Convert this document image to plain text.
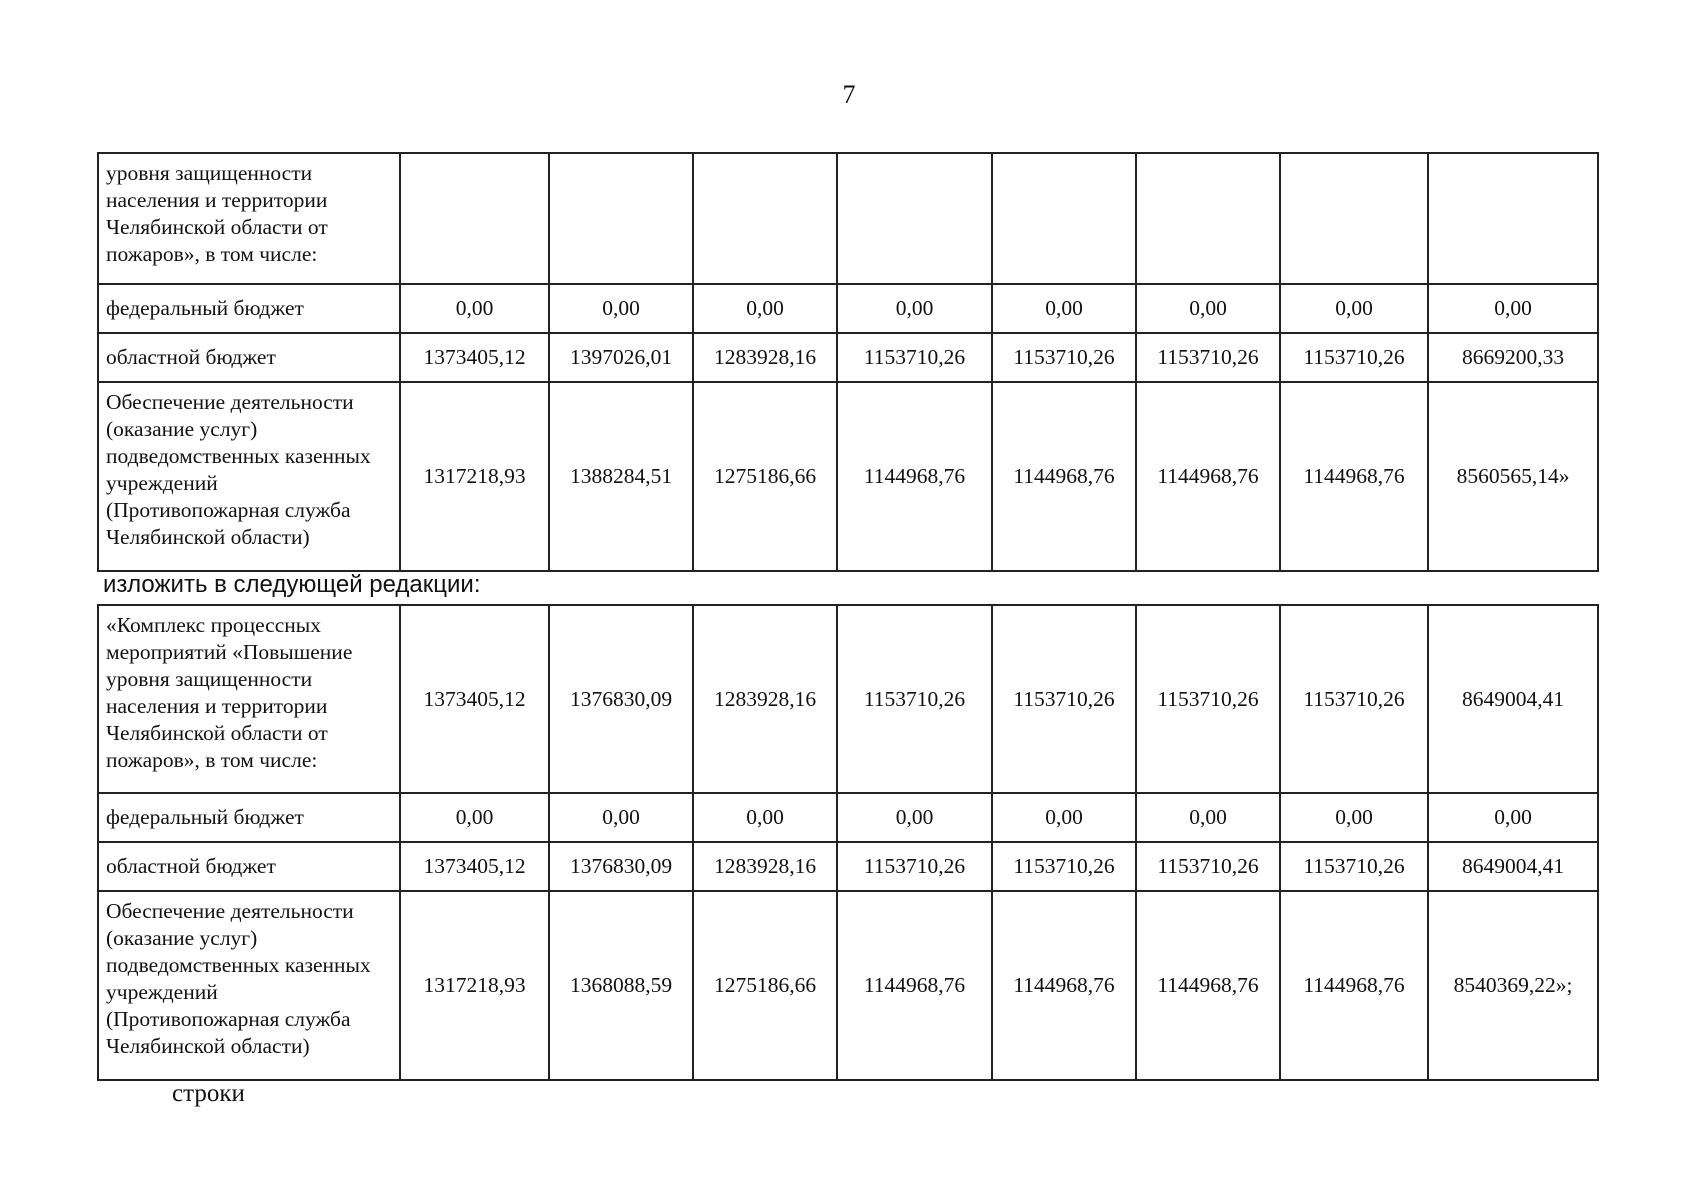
7
уровня защищенности населения и территории Челябинской области от пожаров», в том числе:								
федеральный бюджет	0,00	0,00	0,00	0,00	0,00	0,00	0,00	0,00
областной бюджет	1373405,12	1397026,01	1283928,16	1153710,26	1153710,26	1153710,26	1153710,26	8669200,33
Обеспечение деятельности (оказание услуг) подведомственных казенных учреждений (Противопожарная служба Челябинской области)	1317218,93	1388284,51	1275186,66	1144968,76	1144968,76	1144968,76	1144968,76	8560565,14»
изложить в следующей редакции:
«Комплекс процессных мероприятий «Повышение уровня защищенности населения и территории Челябинской области от пожаров», в том числе:	1373405,12	1376830,09	1283928,16	1153710,26	1153710,26	1153710,26	1153710,26	8649004,41
федеральный бюджет	0,00	0,00	0,00	0,00	0,00	0,00	0,00	0,00
областной бюджет	1373405,12	1376830,09	1283928,16	1153710,26	1153710,26	1153710,26	1153710,26	8649004,41
Обеспечение деятельности (оказание услуг) подведомственных казенных учреждений (Противопожарная служба Челябинской области)	1317218,93	1368088,59	1275186,66	1144968,76	1144968,76	1144968,76	1144968,76	8540369,22»;
строки
